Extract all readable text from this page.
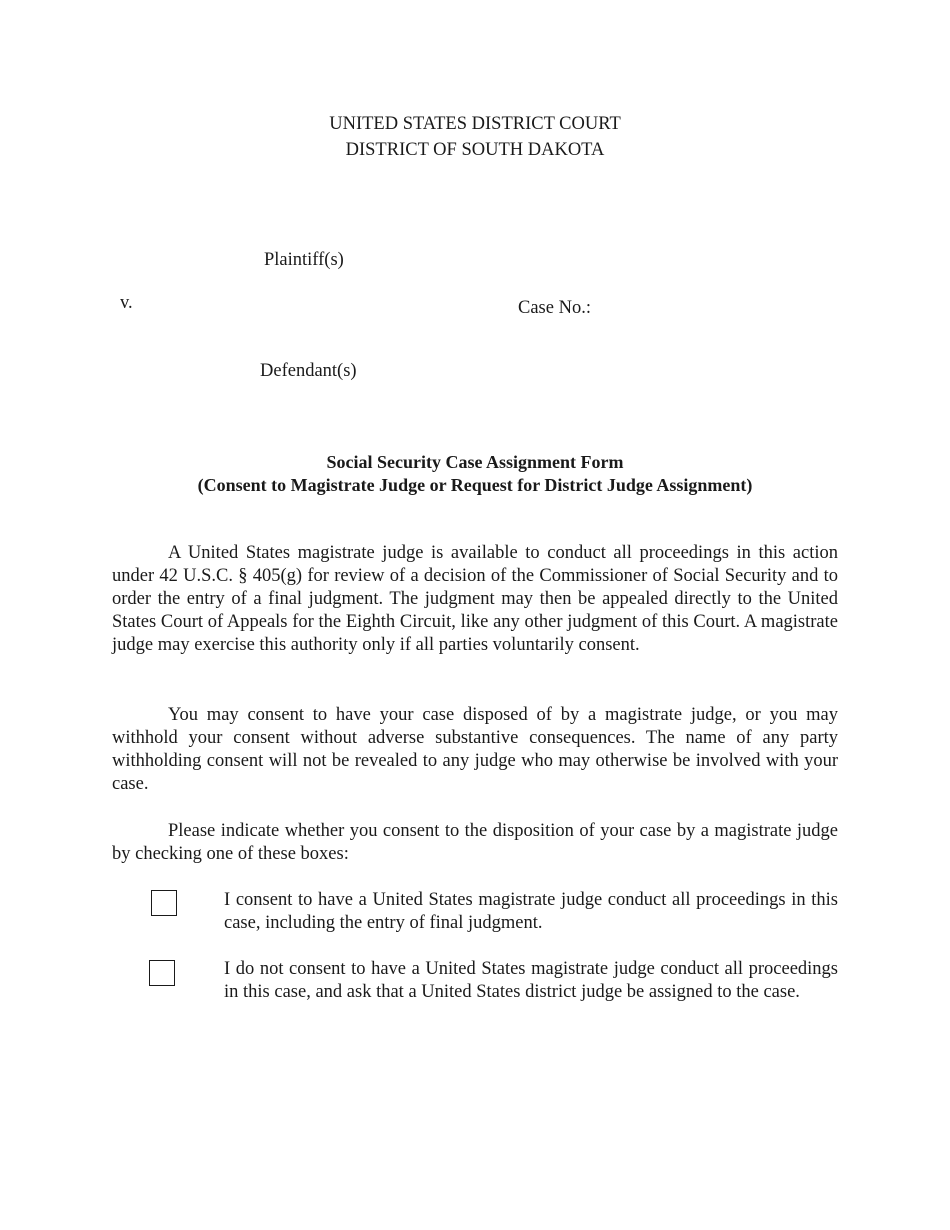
UNITED STATES DISTRICT COURT
DISTRICT OF SOUTH DAKOTA
Plaintiff(s)
v.	Case No.:
Defendant(s)
Social Security Case Assignment Form
(Consent to Magistrate Judge or Request for District Judge Assignment)
A United States magistrate judge is available to conduct all proceedings in this action under 42 U.S.C. § 405(g) for review of a decision of the Commissioner of Social Security and to order the entry of a final judgment. The judgment may then be appealed directly to the United States Court of Appeals for the Eighth Circuit, like any other judgment of this Court. A magistrate judge may exercise this authority only if all parties voluntarily consent.
You may consent to have your case disposed of by a magistrate judge, or you may withhold your consent without adverse substantive consequences. The name of any party withholding consent will not be revealed to any judge who may otherwise be involved with your case.
Please indicate whether you consent to the disposition of your case by a magistrate judge by checking one of these boxes:
I consent to have a United States magistrate judge conduct all proceedings in this case, including the entry of final judgment.
I do not consent to have a United States magistrate judge conduct all proceedings in this case, and ask that a United States district judge be assigned to the case.
